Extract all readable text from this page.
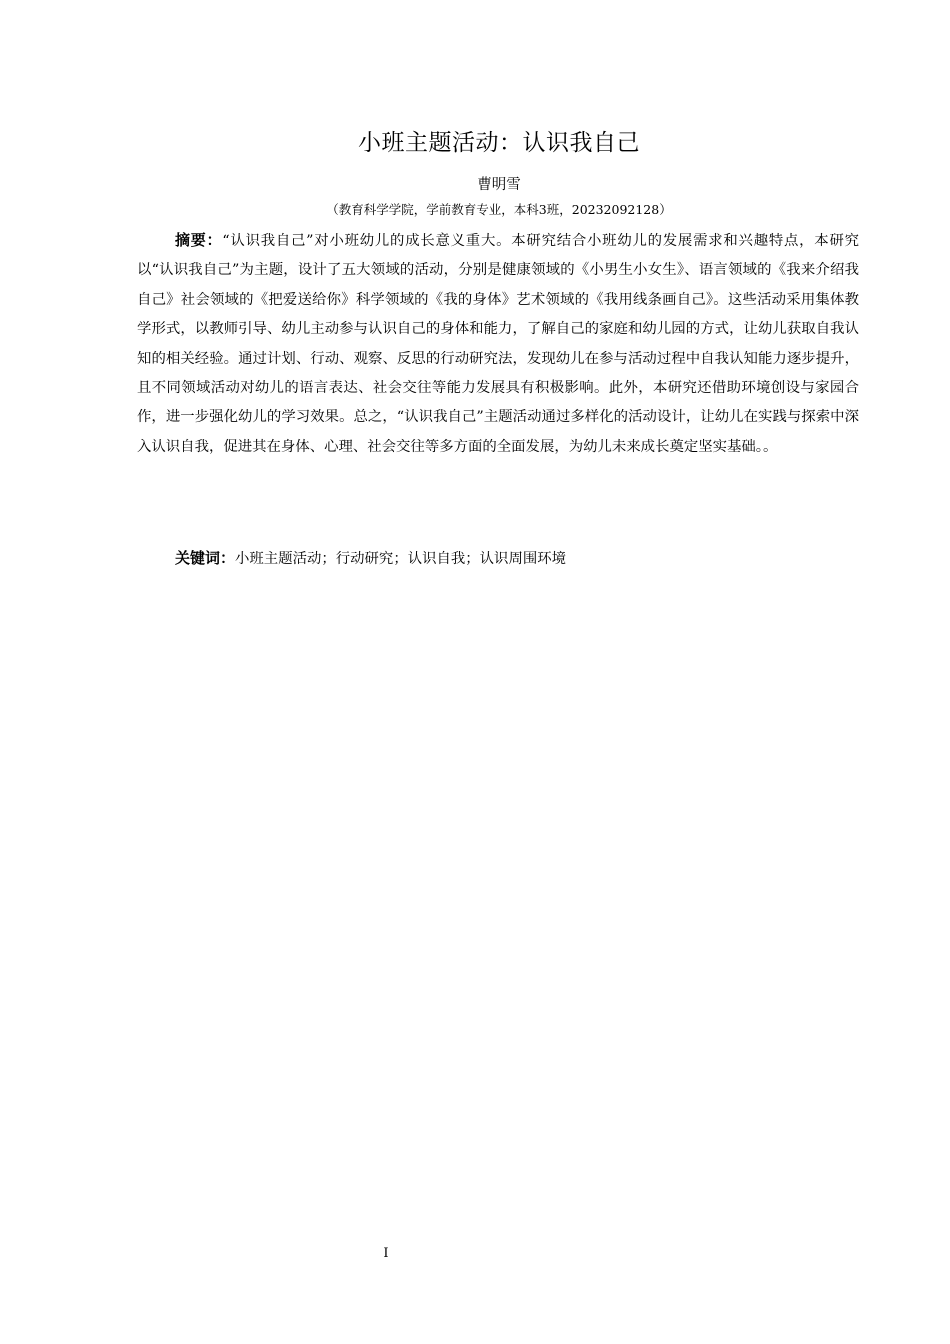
小班主题活动：认识我自己
曹明雪
（教育科学学院，学前教育专业，本科3班，20232092128）

摘要：“认识我自己”对小班幼儿的成长意义重大。本研究结合小班幼儿的发展需求和兴趣特点，本研究以“认识我自己”为主题，设计了五大领域的活动，分别是健康领域的《小男生小女生》、语言领域的《我来介绍我自己》社会领域的《把爱送给你》科学领域的《我的身体》艺术领域的《我用线条画自己》。这些活动采用集体教学形式，以教师引导、幼儿主动参与认识自己的身体和能力，了解自己的家庭和幼儿园的方式，让幼儿获取自我认知的相关经验。通过计划、行动、观察、反思的行动研究法，发现幼儿在参与活动过程中自我认知能力逐步提升，且不同领域活动对幼儿的语言表达、社会交往等能力发展具有积极影响。此外，本研究还借助环境创设与家园合作，进一步强化幼儿的学习效果。总之，“认识我自己”主题活动通过多样化的活动设计，让幼儿在实践与探索中深入认识自我，促进其在身体、心理、社会交往等多方面的全面发展，为幼儿未来成长奠定坚实基础。。

关键词：小班主题活动；行动研究；认识自我；认识周围环境
I
